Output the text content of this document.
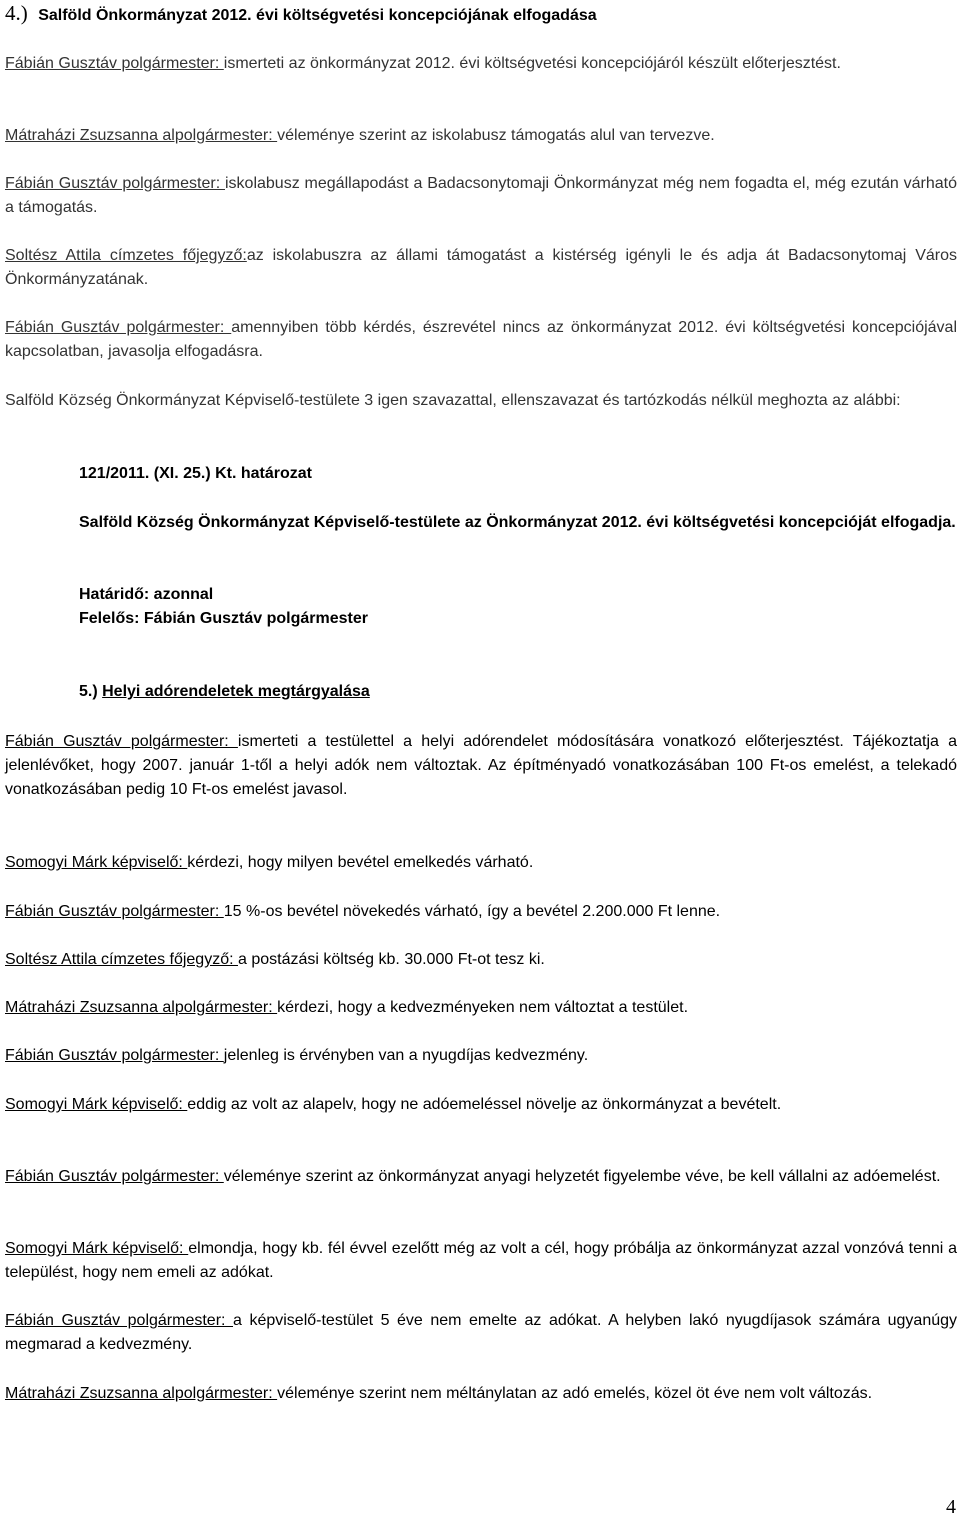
4.) Salföld Önkormányzat 2012. évi költségvetési koncepciójának elfogadása
Fábián Gusztáv polgármester: ismerteti az önkormányzat 2012. évi költségvetési koncepciójáról készült előterjesztést.
Mátraházi Zsuzsanna alpolgármester: véleménye szerint az iskolabusz támogatás alul van tervezve.
Fábián Gusztáv polgármester: iskolabusz megállapodást a Badacsonytomaji Önkormányzat még nem fogadta el, még ezután várható a támogatás.
Soltész Attila címzetes főjegyző:az iskolabuszra az állami támogatást a kistérség igényli le és adja át Badacsonytomaj Város Önkormányzatának.
Fábián Gusztáv polgármester: amennyiben több kérdés, észrevétel nincs az önkormányzat 2012. évi költségvetési koncepciójával kapcsolatban, javasolja elfogadásra.
Salföld Község Önkormányzat Képviselő-testülete 3 igen szavazattal, ellenszavazat és tartózkodás nélkül meghozta az alábbi:
121/2011. (XI. 25.) Kt. határozat
Salföld Község Önkormányzat Képviselő-testülete az Önkormányzat 2012. évi költségvetési koncepcióját elfogadja.
Határidő: azonnal
Felelős: Fábián Gusztáv polgármester
5.) Helyi adórendeletek megtárgyalása
Fábián Gusztáv polgármester: ismerteti a testülettel a helyi adórendelet módosítására vonatkozó előterjesztést. Tájékoztatja a jelenlévőket, hogy 2007. január 1-től a helyi adók nem változtak. Az építményadó vonatkozásában 100 Ft-os emelést, a telekadó vonatkozásában pedig 10 Ft-os emelést javasol.
Somogyi Márk képviselő: kérdezi, hogy milyen bevétel emelkedés várható.
Fábián Gusztáv polgármester: 15 %-os bevétel növekedés várható, így a bevétel 2.200.000 Ft lenne.
Soltész Attila címzetes főjegyző: a postázási költség kb. 30.000 Ft-ot tesz ki.
Mátraházi Zsuzsanna alpolgármester: kérdezi, hogy a kedvezményeken nem változtat a testület.
Fábián Gusztáv polgármester: jelenleg is érvényben van a nyugdíjas kedvezmény.
Somogyi Márk képviselő: eddig az volt az alapelv, hogy ne adóemeléssel növelje az önkormányzat a bevételt.
Fábián Gusztáv polgármester: véleménye szerint az önkormányzat anyagi helyzetét figyelembe véve, be kell vállalni az adóemelést.
Somogyi Márk képviselő: elmondja, hogy kb. fél évvel ezelőtt még az volt a cél, hogy próbálja az önkormányzat azzal vonzóvá tenni a települést, hogy nem emeli az adókat.
Fábián Gusztáv polgármester: a képviselő-testület 5 éve nem emelte az adókat. A helyben lakó nyugdíjasok számára ugyanúgy megmarad a kedvezmény.
Mátraházi Zsuzsanna alpolgármester: véleménye szerint nem méltánylatan az adó emelés, közel öt éve nem volt változás.
4
